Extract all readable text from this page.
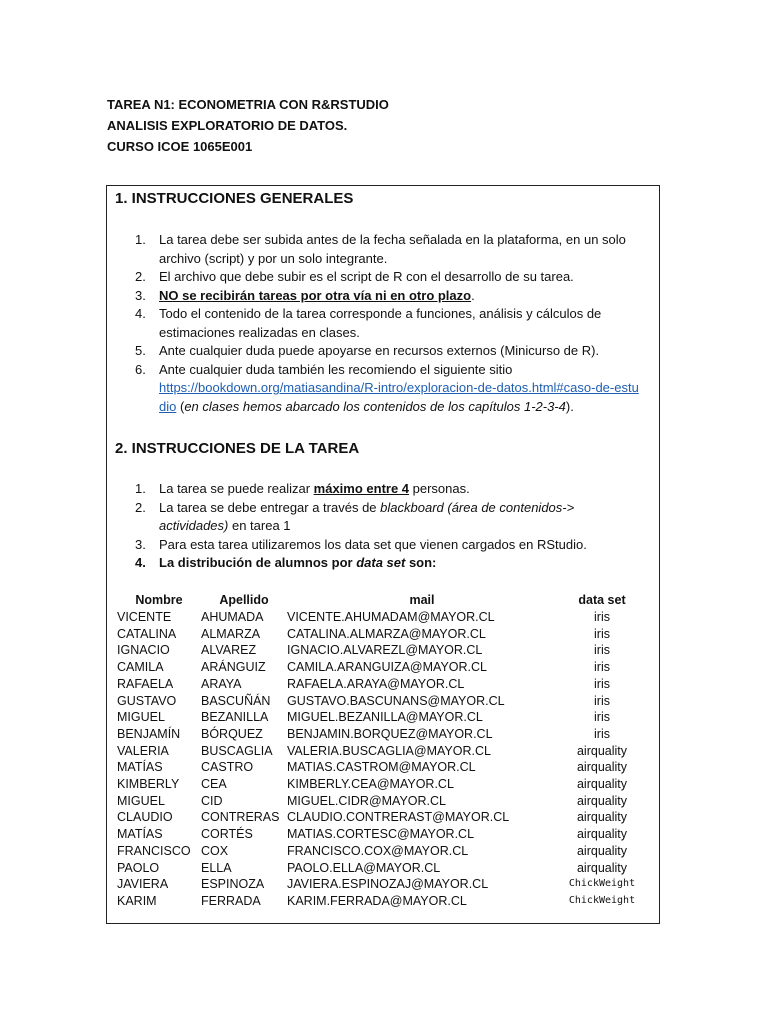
TAREA N1: ECONOMETRIA CON R&RSTUDIO
ANALISIS EXPLORATORIO DE DATOS.
CURSO ICOE 1065E001
1. INSTRUCCIONES GENERALES
1. La tarea debe ser subida antes de la fecha señalada en la plataforma, en un solo archivo (script) y por un solo integrante.
2. El archivo que debe subir es el script de R con el desarrollo de su tarea.
3. NO se recibirán tareas por otra vía ni en otro plazo.
4. Todo el contenido de la tarea corresponde a funciones, análisis y cálculos de estimaciones realizadas en clases.
5. Ante cualquier duda puede apoyarse en recursos externos (Minicurso de R).
6. Ante cualquier duda también les recomiendo el siguiente sitio
https://bookdown.org/matiasandina/R-intro/exploracion-de-datos.html#caso-de-estudio (en clases hemos abarcado los contenidos de los capítulos 1-2-3-4).
2. INSTRUCCIONES DE LA TAREA
1. La tarea se puede realizar máximo entre 4 personas.
2. La tarea se debe entregar a través de blackboard (área de contenidos-> actividades) en tarea 1
3. Para esta tarea utilizaremos los data set que vienen cargados en RStudio.
4. La distribución de alumnos por data set son:
Nombre	Apellido	mail	data set
VICENTE	AHUMADA	VICENTE.AHUMADAM@MAYOR.CL	iris
CATALINA	ALMARZA	CATALINA.ALMARZA@MAYOR.CL	iris
IGNACIO	ALVAREZ	IGNACIO.ALVAREZL@MAYOR.CL	iris
CAMILA	ARÁNGUIZ	CAMILA.ARANGUIZA@MAYOR.CL	iris
RAFAELA	ARAYA	RAFAELA.ARAYA@MAYOR.CL	iris
GUSTAVO	BASCUÑÁN	GUSTAVO.BASCUNANS@MAYOR.CL	iris
MIGUEL	BEZANILLA	MIGUEL.BEZANILLA@MAYOR.CL	iris
BENJAMÍN	BÓRQUEZ	BENJAMIN.BORQUEZ@MAYOR.CL	iris
VALERIA	BUSCAGLIA	VALERIA.BUSCAGLIA@MAYOR.CL	airquality
MATÍAS	CASTRO	MATIAS.CASTROM@MAYOR.CL	airquality
KIMBERLY	CEA	KIMBERLY.CEA@MAYOR.CL	airquality
MIGUEL	CID	MIGUEL.CIDR@MAYOR.CL	airquality
CLAUDIO	CONTRERAS	CLAUDIO.CONTRERAST@MAYOR.CL	airquality
MATÍAS	CORTÉS	MATIAS.CORTESC@MAYOR.CL	airquality
FRANCISCO	COX	FRANCISCO.COX@MAYOR.CL	airquality
PAOLO	ELLA	PAOLO.ELLA@MAYOR.CL	airquality
JAVIERA	ESPINOZA	JAVIERA.ESPINOZAJ@MAYOR.CL	ChickWeight
KARIM	FERRADA	KARIM.FERRADA@MAYOR.CL	ChickWeight
